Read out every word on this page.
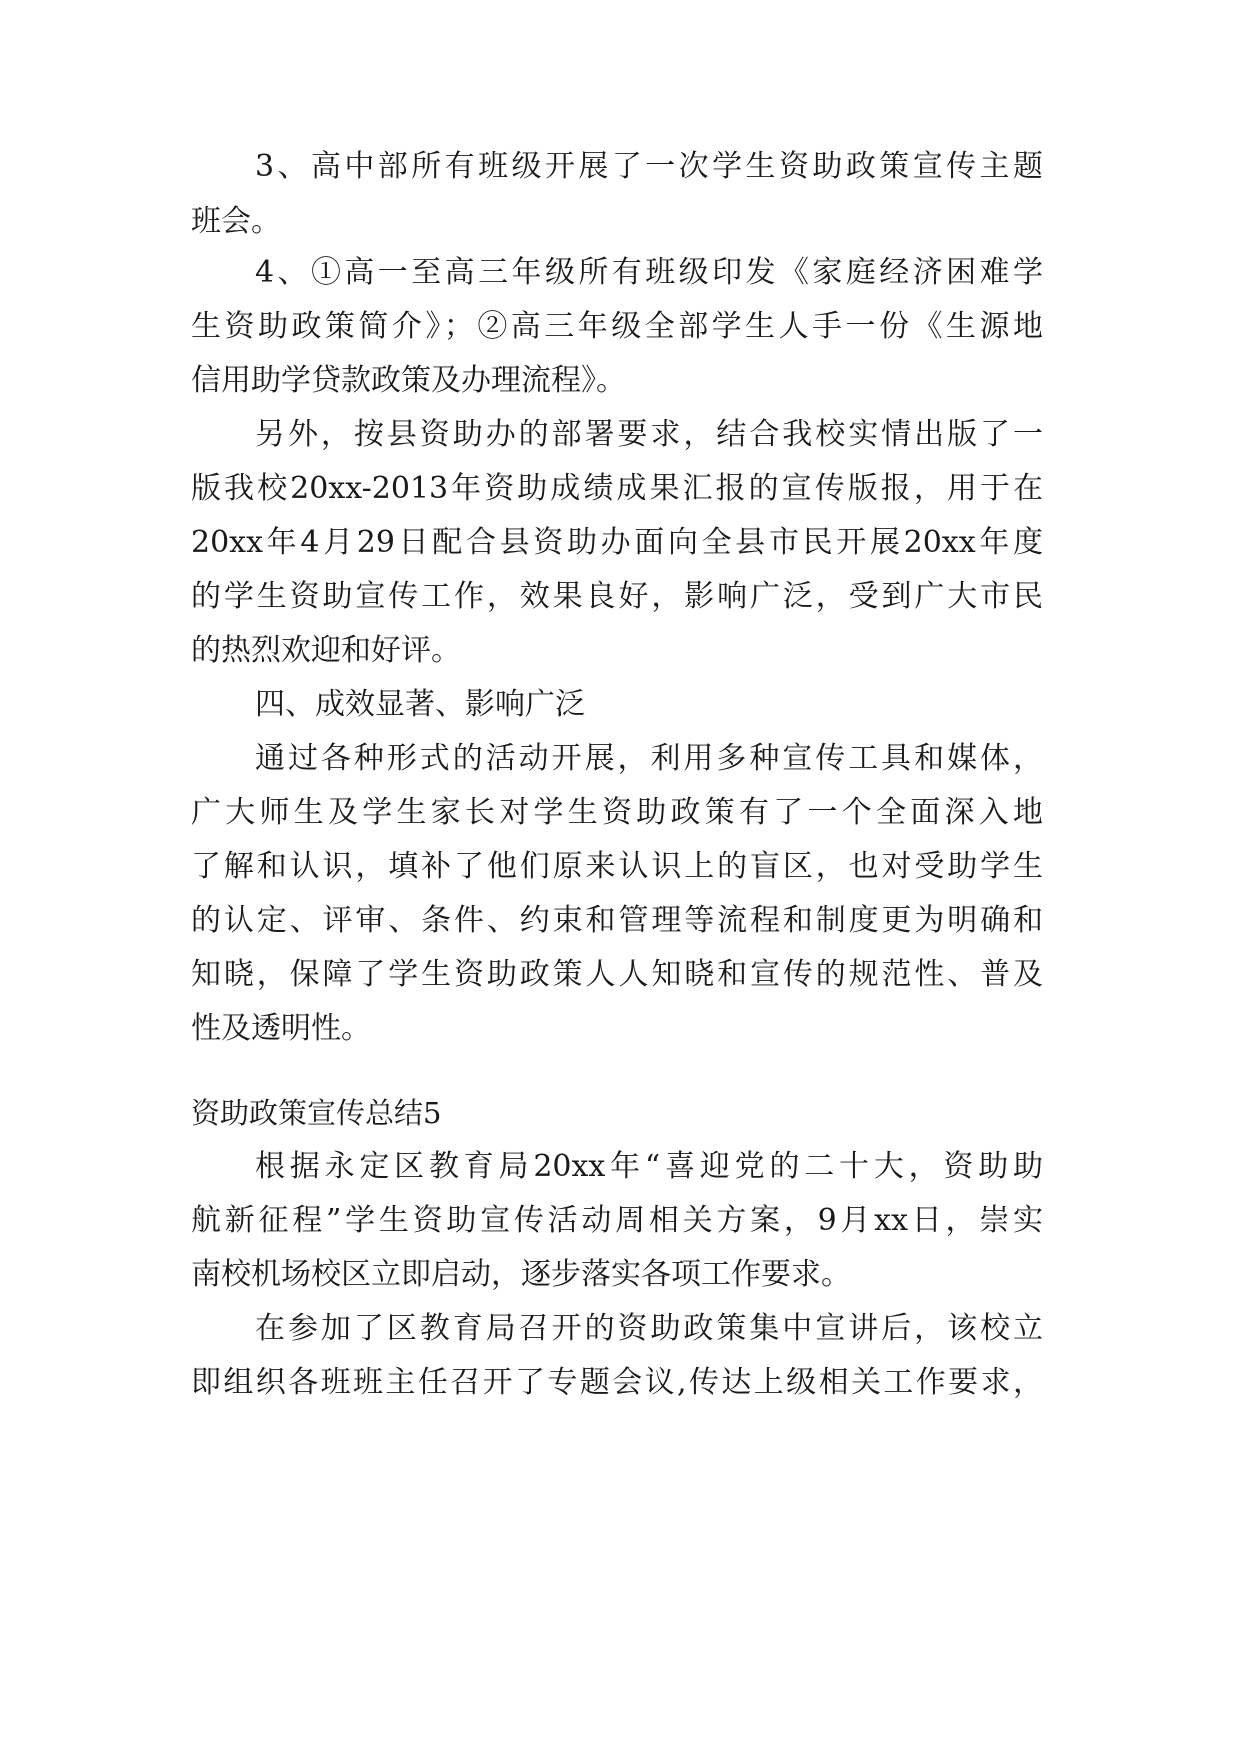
3、高中部所有班级开展了一次学生资助政策宣传主题
班会。
4、①高一至高三年级所有班级印发《家庭经济困难学
生资助政策简介》；②高三年级全部学生人手一份《生源地
信用助学贷款政策及办理流程》。
另外，按县资助办的部署要求，结合我校实情出版了一
版我校20xx-2013年资助成绩成果汇报的宣传版报，用于在
20xx年4月29日配合县资助办面向全县市民开展20xx年度
的学生资助宣传工作，效果良好，影响广泛，受到广大市民
的热烈欢迎和好评。
四、成效显著、影响广泛
通过各种形式的活动开展，利用多种宣传工具和媒体，
广大师生及学生家长对学生资助政策有了一个全面深入地
了解和认识，填补了他们原来认识上的盲区，也对受助学生
的认定、评审、条件、约束和管理等流程和制度更为明确和
知晓，保障了学生资助政策人人知晓和宣传的规范性、普及
性及透明性。
资助政策宣传总结5
根据永定区教育局20xx年“喜迎党的二十大，资助助
航新征程”学生资助宣传活动周相关方案，9月xx日，崇实
南校机场校区立即启动，逐步落实各项工作要求。
在参加了区教育局召开的资助政策集中宣讲后，该校立
即组织各班班主任召开了专题会议,传达上级相关工作要求，
